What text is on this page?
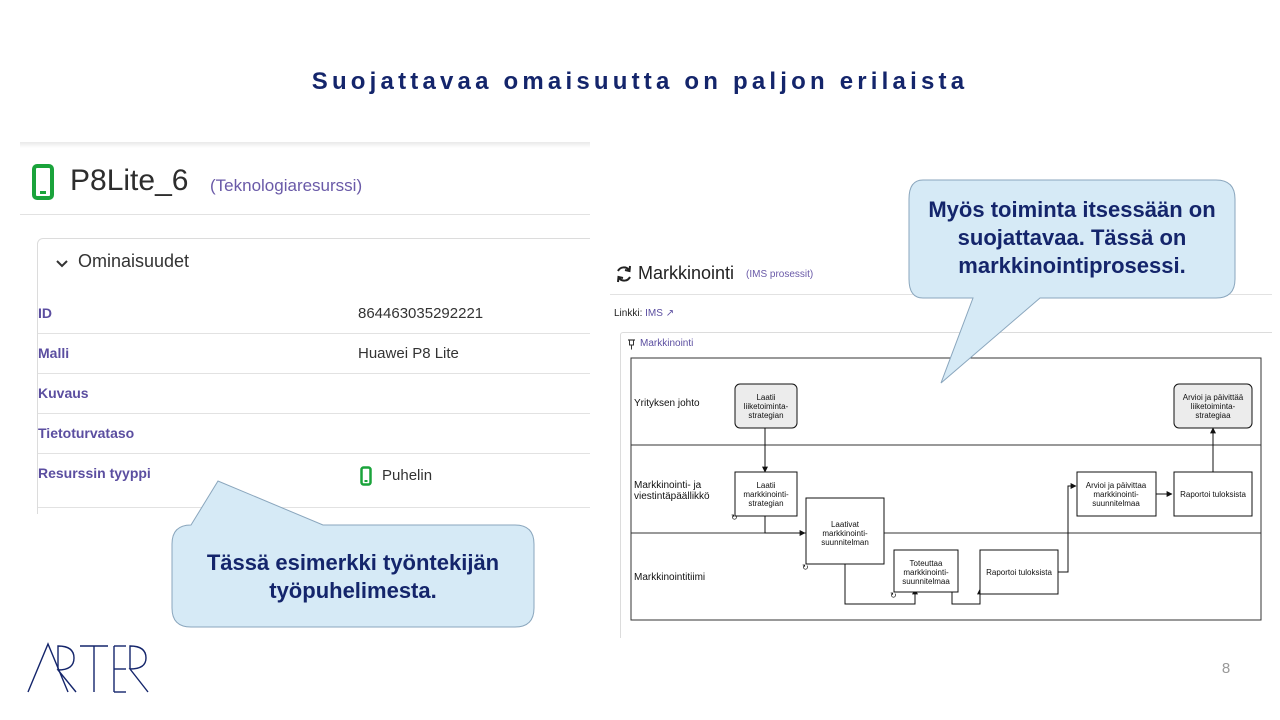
Suojattavaa omaisuutta on paljon erilaista
P8Lite_6 (Teknologiaresurssi)
Ominaisuudet
ID	864463035292221
Malli	Huawei P8 Lite
Kuvaus
Tietoturvataso
Resurssin tyyppi	Puhelin
Markkinointi (IMS prosessit)
Linkki: IMS ↗
Markkinointi
Yrityksen johto
Markkinointi- ja
viestintäpäällikkö
Markkinointitiimi
Laatii
liiketoiminta-
strategian
Arvioi ja päivittää
liiketoiminta-
strategiaa
Laatii
markkinointi-
strategian
↻
Laativat
markkinointi-
suunnitelman
↻
Arvioi ja päivittaa
markkinointi-
suunnitelmaa
Raportoi tuloksista
Toteuttaa
markkinointi-
suunnitelmaa
↻
Raportoi tuloksista
Myös toiminta itsessään on
suojattavaa. Tässä on
markkinointiprosessi.
Tässä esimerkki työntekijän
työpuhelimesta.
8
